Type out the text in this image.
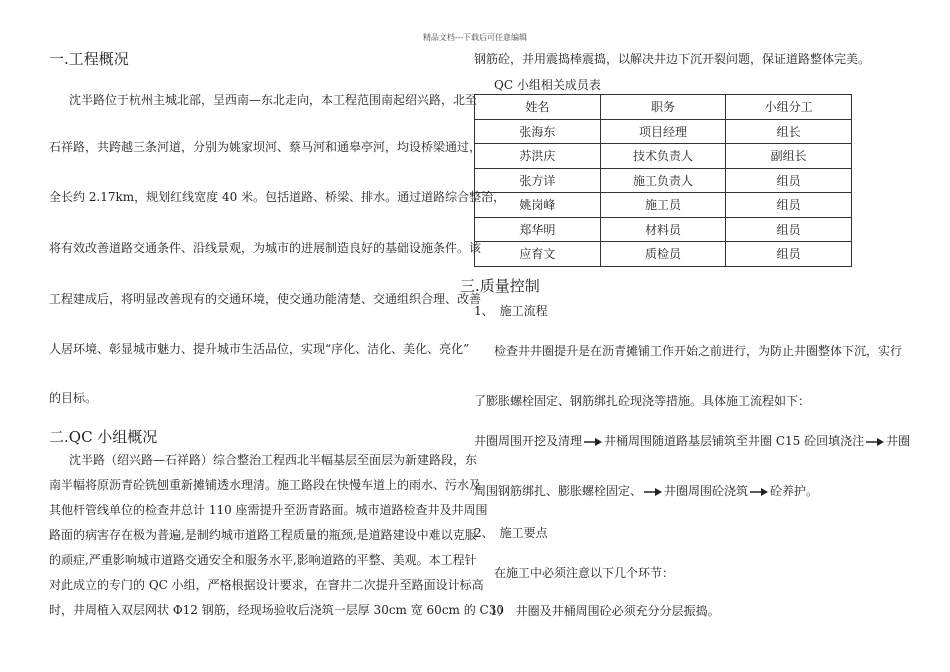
精品文档---下载后可任意编辑
一.工程概况
沈半路位于杭州主城北部，呈西南—东北走向，本工程范围南起绍兴路，北至
石祥路，共跨越三条河道，分别为姚家坝河、蔡马河和通皋亭河，均设桥梁通过，
全长约 2.17km，规划红线宽度 40 米。包括道路、桥梁、排水。通过道路综合整治，
将有效改善道路交通条件、沿线景观，为城市的进展制造良好的基础设施条件。该
工程建成后，将明显改善现有的交通环境，使交通功能清楚、交通组织合理、改善
人居环境、彰显城市魅力、提升城市生活品位，实现“序化、洁化、美化、亮化”
的目标。
二.QC 小组概况
沈半路（绍兴路—石祥路）综合整治工程西北半幅基层至面层为新建路段，东
南半幅将原沥青砼铣刨重新摊铺透水理清。施工路段在快慢车道上的雨水、污水及
其他杆管线单位的检查井总计 110 座需提升至沥青路面。城市道路检查井及井周围
路面的病害存在极为普遍,是制约城市道路工程质量的瓶颈,是道路建设中难以克服
的顽症,严重影响城市道路交通安全和服务水平,影响道路的平整、美观。本工程针
对此成立的专门的 QC 小组，严格根据设计要求，在窨井二次提升至路面设计标高
时，井周植入双层网状 Φ12 钢筋，经现场验收后浇筑一层厚 30cm 宽 60cm 的 C30
钢筋砼，并用震捣棒震捣，以解决井边下沉开裂问题，保证道路整体完美。
QC 小组相关成员表
姓名	职务	小组分工
张海东	项目经理	组长
苏洪庆	技术负责人	副组长
张方详	施工负责人	组员
姚岗峰	施工员	组员
郑华明	材料员	组员
应育文	质检员	组员
三.质量控制
1、　施工流程
检查井井圈提升是在沥青摊铺工作开始之前进行，为防止井圈整体下沉，实行
了膨胀螺栓固定、钢筋绑扎砼现浇等措施。具体施工流程如下：
井圈周围开挖及清理 井桶周围随道路基层铺筑至井圈 C15 砼回填浇注 井圈
周围钢筋绑扎、膨胀螺栓固定、 井圈周围砼浇筑 砼养护。
2、　施工要点
在施工中必须注意以下几个环节：
1）　井圈及井桶周围砼必须充分分层振捣。
